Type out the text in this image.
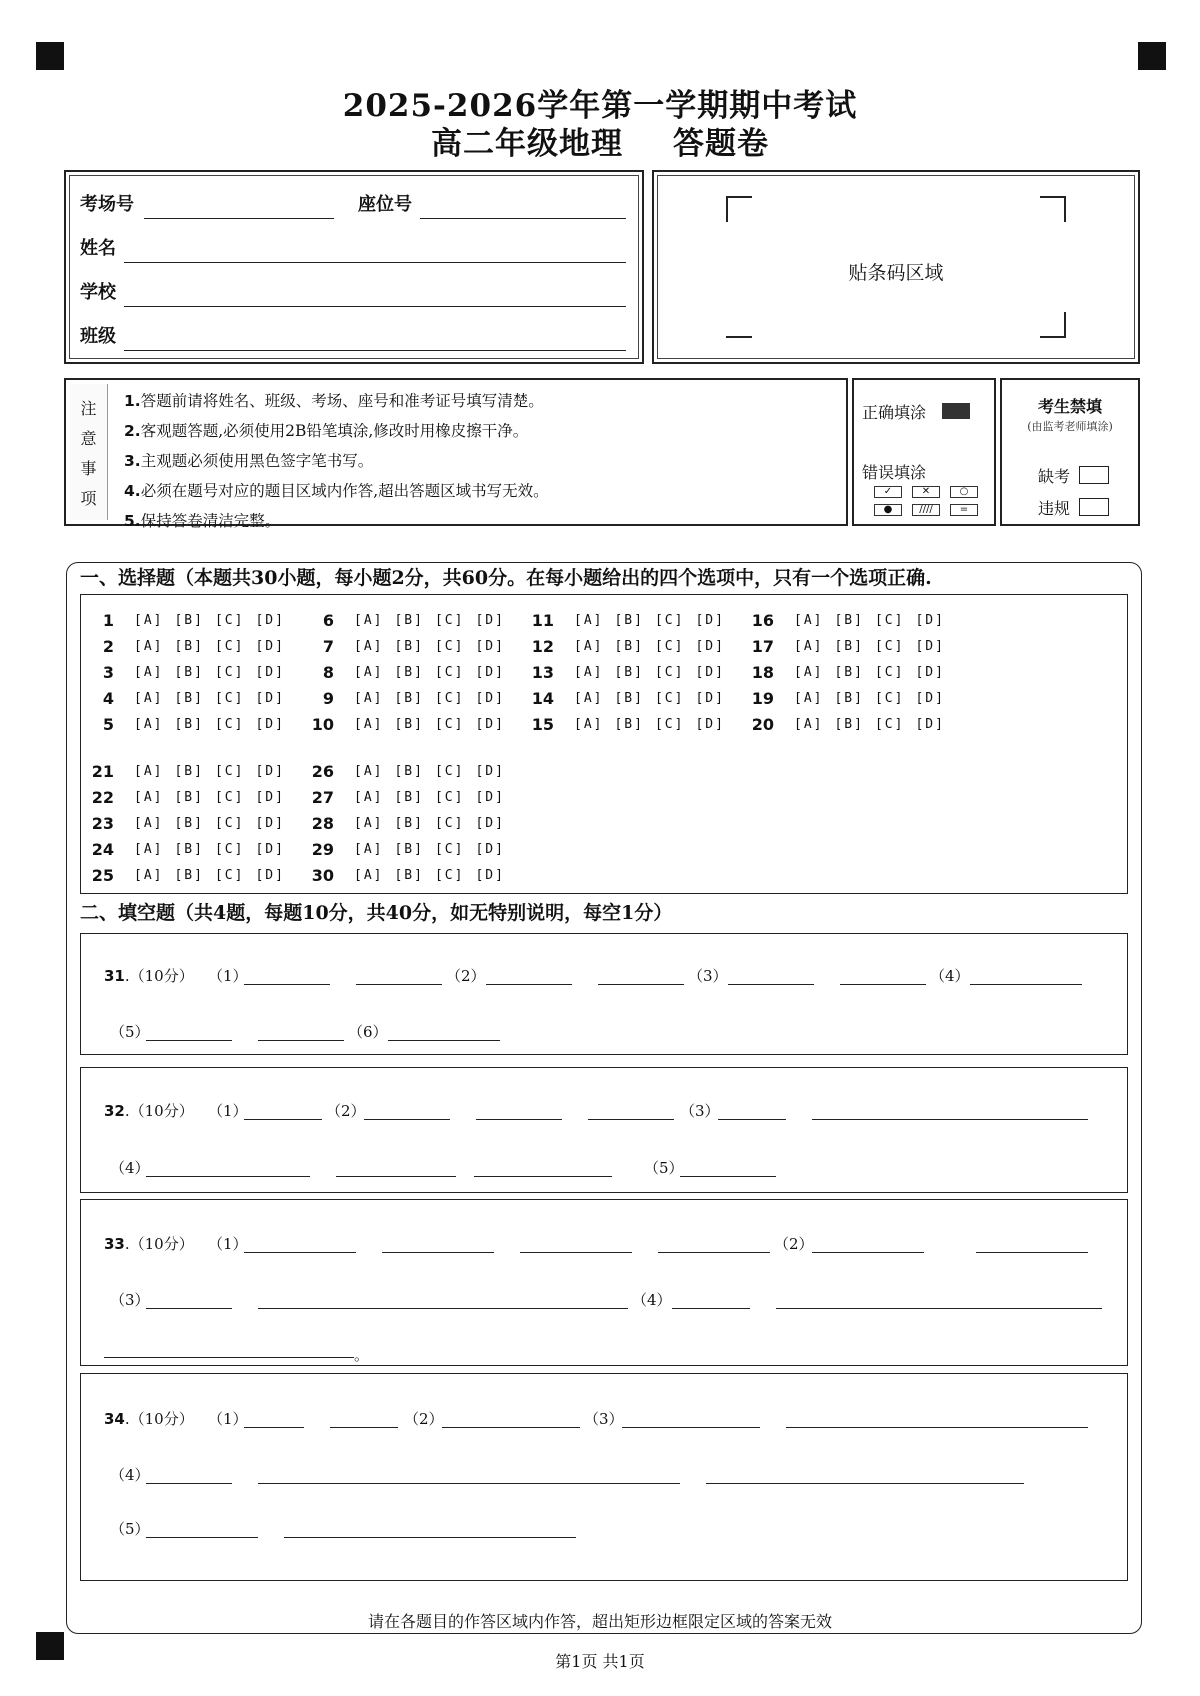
2025-2026学年第一学期期中考试
高二年级地理 答题卷
考场号	座位号
姓名
学校
班级
贴条码区域
注
意
事
项
1.答题前请将姓名、班级、考场、座号和准考证号填写清楚。
2.客观题答题,必须使用2B铅笔填涂,修改时用橡皮擦干净。
3.主观题必须使用黑色签字笔书写。
4.必须在题号对应的题目区域内作答,超出答题区域书写无效。
5.保持答卷清洁完整。
正确填涂
错误填涂
✓	✕	○
●	////	=
考生禁填
(由监考老师填涂)
缺考
违规
一、选择题（本题共30小题，每小题2分，共60分。在每小题给出的四个选项中，只有一个选项正确.
1 [A] [B] [C] [D]
2 [A] [B] [C] [D]
3 [A] [B] [C] [D]
4 [A] [B] [C] [D]
5 [A] [B] [C] [D]
6 [A] [B] [C] [D]
7 [A] [B] [C] [D]
8 [A] [B] [C] [D]
9 [A] [B] [C] [D]
10 [A] [B] [C] [D]
11 [A] [B] [C] [D]
12 [A] [B] [C] [D]
13 [A] [B] [C] [D]
14 [A] [B] [C] [D]
15 [A] [B] [C] [D]
16 [A] [B] [C] [D]
17 [A] [B] [C] [D]
18 [A] [B] [C] [D]
19 [A] [B] [C] [D]
20 [A] [B] [C] [D]
21 [A] [B] [C] [D]
22 [A] [B] [C] [D]
23 [A] [B] [C] [D]
24 [A] [B] [C] [D]
25 [A] [B] [C] [D]
26 [A] [B] [C] [D]
27 [A] [B] [C] [D]
28 [A] [B] [C] [D]
29 [A] [B] [C] [D]
30 [A] [B] [C] [D]
二、填空题（共4题，每题10分，共40分，如无特别说明，每空1分）
31.（10分） （1）	（2）	（3）	（4）
（5）	（6）
32.（10分） （1）	（2）	（3）
（4）	（5）
33.（10分） （1）	（2）
（3）	（4）
。
34.（10分） （1）	（2）	（3）
（4）
（5）
请在各题目的作答区域内作答，超出矩形边框限定区域的答案无效
第1页 共1页
